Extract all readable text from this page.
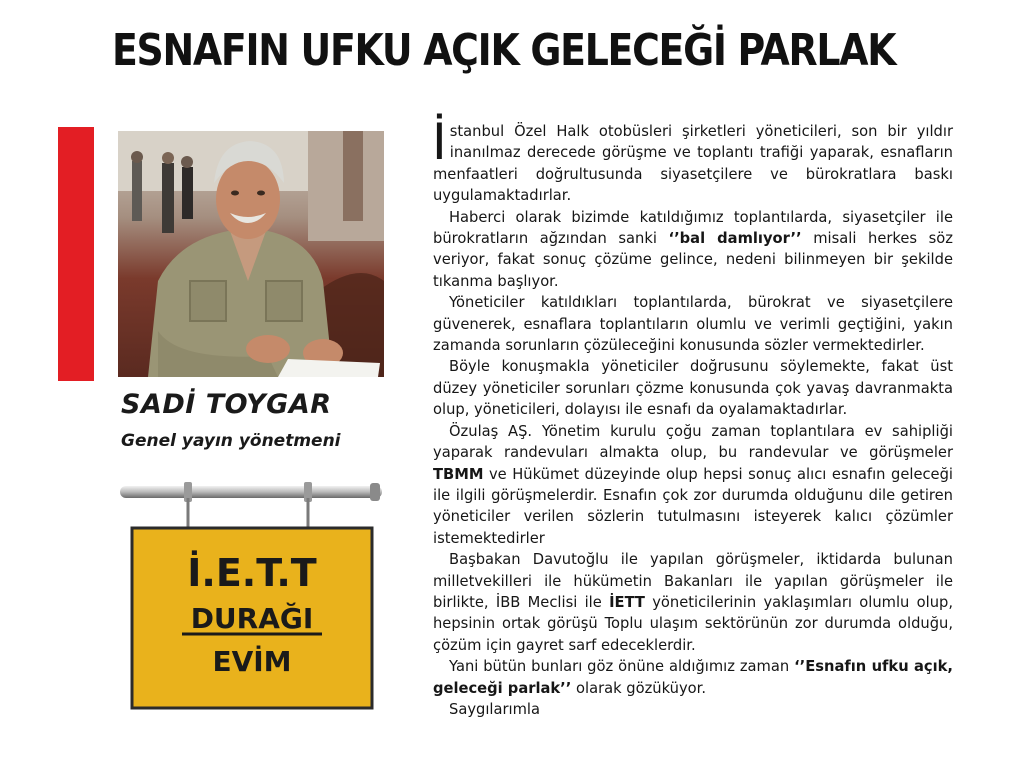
ESNAFIN UFKU AÇIK GELECEĞİ PARLAK
SADİ TOYGAR
Genel yayın yönetmeni
İ.E.T.T
DURAĞI
EVİM

İstanbul Özel Halk otobüsleri şirketleri yöneticileri, son bir yıldır inanılmaz derecede görüşme ve toplantı trafiği yaparak, esnafların menfaatleri doğrultusunda siyasetçilere ve bürokratlara baskı uygulamaktadırlar.

Haberci olarak bizimde katıldığımız toplantılarda, siyasetçiler ile bürokratların ağzından sanki ‘’bal damlıyor’’ misali herkes söz veriyor, fakat sonuç çözüme gelince, nedeni bilinmeyen bir şekilde tıkanma başlıyor.

Yöneticiler katıldıkları toplantılarda, bürokrat ve siyasetçilere güvenerek, esnaflara toplantıların olumlu ve verimli geçtiğini, yakın zamanda sorunların çözüleceğini konusunda sözler vermektedirler.

Böyle konuşmakla yöneticiler doğrusunu söylemekte, fakat üst düzey yöneticiler sorunları çözme konusunda çok yavaş davranmakta olup, yöneticileri, dolayısı ile esnafı da oyalamaktadırlar.

Özulaş AŞ. Yönetim kurulu çoğu zaman toplantılara ev sahipliği yaparak randevuları almakta olup, bu randevular ve görüşmeler TBMM ve Hükümet düzeyinde olup hepsi sonuç alıcı esnafın geleceği ile ilgili görüşmelerdir. Esnafın çok zor durumda olduğunu dile getiren yöneticiler verilen sözlerin tutulmasını isteyerek kalıcı çözümler istemektedirler

Başbakan Davutoğlu ile yapılan görüşmeler, iktidarda bulunan milletvekilleri ile hükümetin Bakanları ile yapılan görüşmeler ile birlikte, İBB Meclisi ile İETT yöneticilerinin yaklaşımları olumlu olup, hepsinin ortak görüşü Toplu ulaşım sektörünün zor durumda olduğu, çözüm için gayret sarf edeceklerdir.

Yani bütün bunları göz önüne aldığımız zaman ‘’Esnafın ufku açık, geleceği parlak’’ olarak gözüküyor.

Saygılarımla
